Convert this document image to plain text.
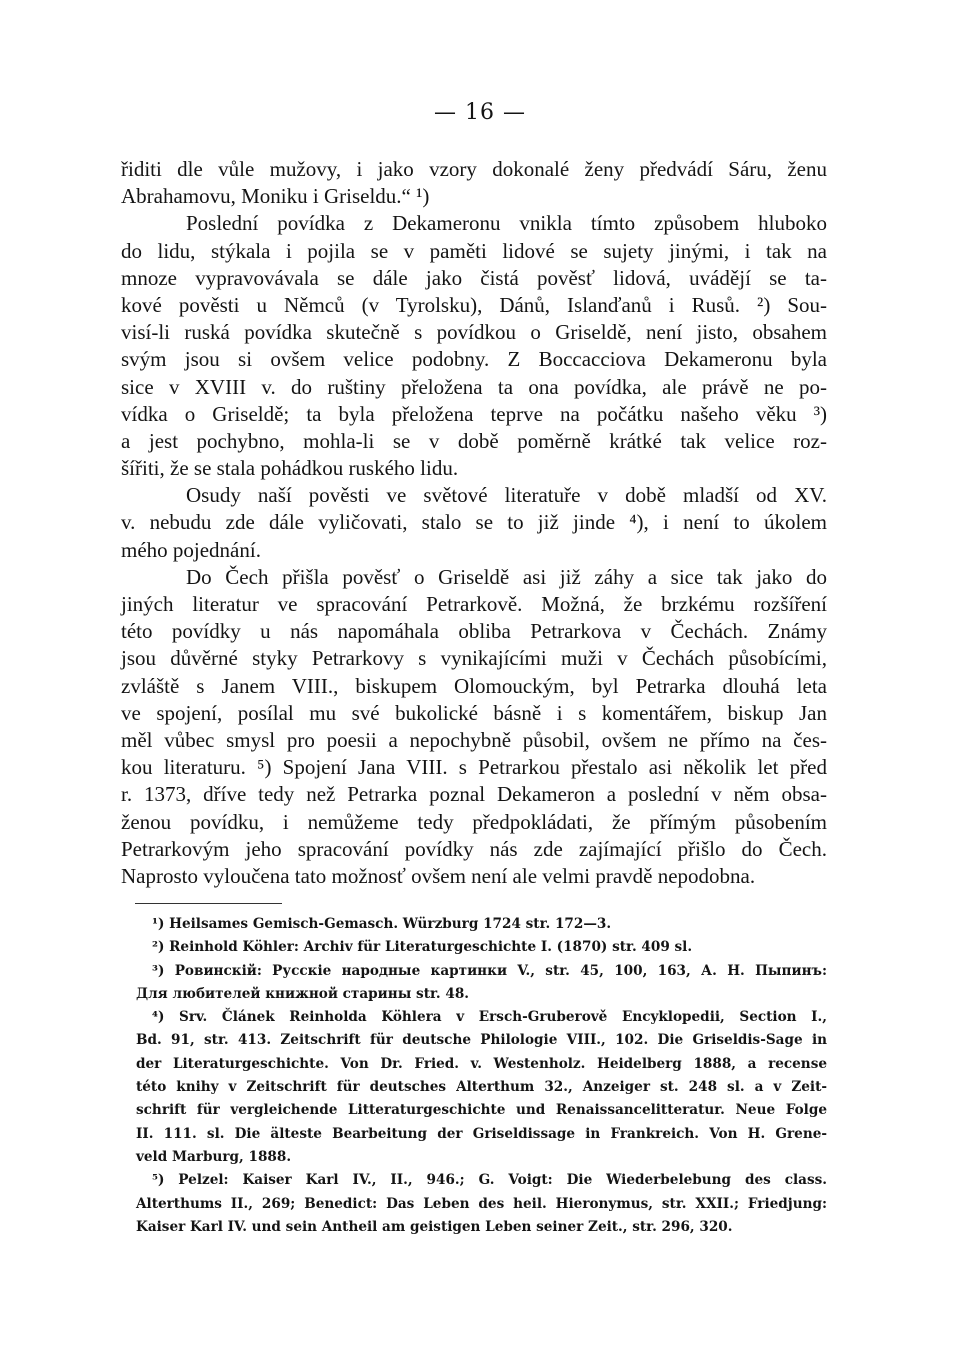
— 16 —
řiditi dle vůle mužovy, i jako vzory dokonalé ženy předvádí Sáru, ženu
Abrahamovu, Moniku i Griseldu.“ ¹)
Poslední povídka z Dekameronu vnikla tímto způsobem hluboko
do lidu, stýkala i pojila se v paměti lidové se sujety jinými, i tak na
mnoze vypravovávala se dále jako čistá pověsť lidová, uvádějí se ta-
kové pověsti u Němců (v Tyrolsku), Dánů, Islanďanů i Rusů. ²) Sou-
visí-li ruská povídka skutečně s povídkou o Griseldě, není jisto, obsahem
svým jsou si ovšem velice podobny. Z Boccacciova Dekameronu byla
sice v XVIII v. do ruštiny přeložena ta ona povídka, ale právě ne po-
vídka o Griseldě; ta byla přeložena teprve na počátku našeho věku ³)
a jest pochybno, mohla-li se v době poměrně krátké tak velice roz-
šířiti, že se stala pohádkou ruského lidu.
Osudy naší pověsti ve světové literatuře v době mladší od XV.
v. nebudu zde dále vyličovati, stalo se to již jinde ⁴), i není to úkolem
mého pojednání.
Do Čech přišla pověsť o Griseldě asi již záhy a sice tak jako do
jiných literatur ve spracování Petrarkově. Možná, že brzkému rozšíření
této povídky u nás napomáhala obliba Petrarkova v Čechách. Známy
jsou důvěrné styky Petrarkovy s vynikajícími muži v Čechách působícími,
zvláště s Janem VIII., biskupem Olomouckým, byl Petrarka dlouhá leta
ve spojení, posílal mu své bukolické básně i s komentářem, biskup Jan
měl vůbec smysl pro poesii a nepochybně působil, ovšem ne přímo na čes-
kou literaturu. ⁵) Spojení Jana VIII. s Petrarkou přestalo asi několik let před
r. 1373, dříve tedy než Petrarka poznal Dekameron a poslední v něm obsa-
ženou povídku, i nemůžeme tedy předpokládati, že přímým působením
Petrarkovým jeho spracování povídky nás zde zajímající přišlo do Čech.
Naprosto vyloučena tato možnosť ovšem není ale velmi pravdě nepodobna.
¹) Heilsames Gemisch-Gemasch. Würzburg 1724 str. 172—3.
²) Reinhold Köhler: Archiv für Literaturgeschichte I. (1870) str. 409 sl.
³) Ровинскій: Русскіе народные картинки V., str. 45, 100, 163, А. Н. Пыпинъ:
Для любителей книжной старины str. 48.
⁴) Srv. Článek Reinholda Köhlera v Ersch-Gruberově Encyklopedii, Section I.,
Bd. 91, str. 413. Zeitschrift für deutsche Philologie VIII., 102. Die Griseldis-Sage in
der Literaturgeschichte. Von Dr. Fried. v. Westenholz. Heidelberg 1888, a recense
této knihy v Zeitschrift für deutsches Alterthum 32., Anzeiger st. 248 sl. a v Zeit-
schrift für vergleichende Litteraturgeschichte und Renaissancelitteratur. Neue Folge
II. 111. sl. Die älteste Bearbeitung der Griseldissage in Frankreich. Von H. Grene-
veld Marburg, 1888.
⁵) Pelzel: Kaiser Karl IV., II., 946.; G. Voigt: Die Wiederbelebung des class.
Alterthums II., 269; Benedict: Das Leben des heil. Hieronymus, str. XXII.; Friedjung:
Kaiser Karl IV. und sein Antheil am geistigen Leben seiner Zeit., str. 296, 320.
